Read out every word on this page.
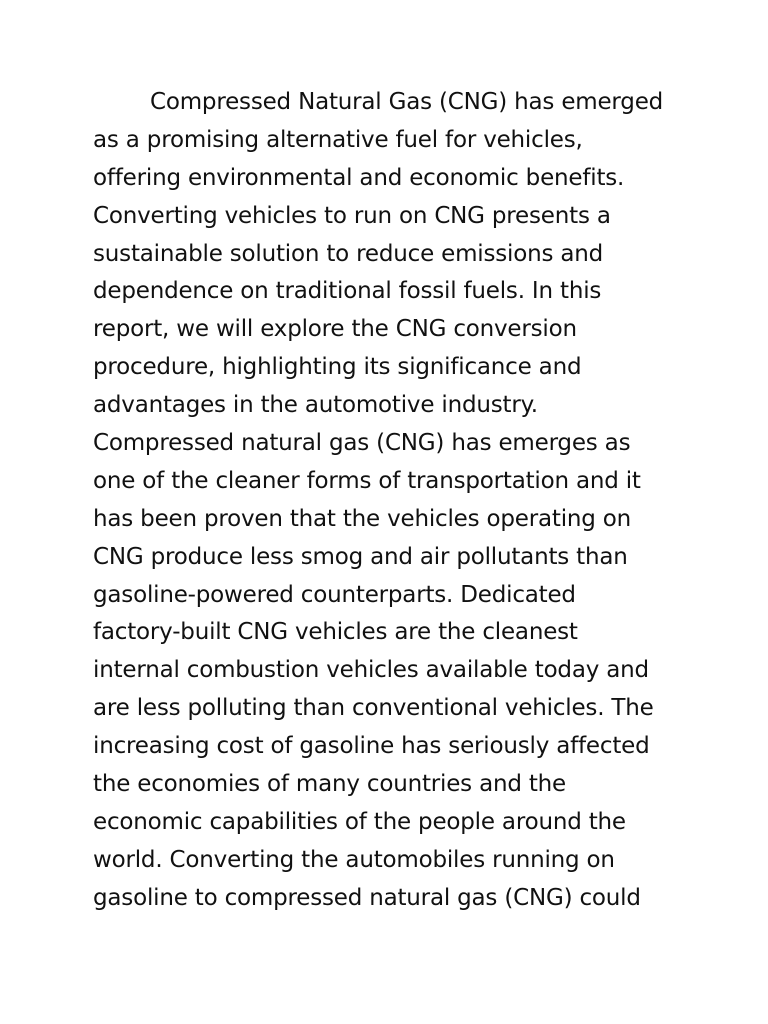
Compressed Natural Gas (CNG) has emerged
as a promising alternative fuel for vehicles,
offering environmental and economic benefits.
Converting vehicles to run on CNG presents a
sustainable solution to reduce emissions and
dependence on traditional fossil fuels. In this
report, we will explore the CNG conversion
procedure, highlighting its significance and
advantages in the automotive industry.
Compressed natural gas (CNG) has emerges as
one of the cleaner forms of transportation and it
has been proven that the vehicles operating on
CNG produce less smog and air pollutants than
gasoline-powered counterparts. Dedicated
factory-built CNG vehicles are the cleanest
internal combustion vehicles available today and
are less polluting than conventional vehicles. The
increasing cost of gasoline has seriously affected
the economies of many countries and the
economic capabilities of the people around the
world. Converting the automobiles running on
gasoline to compressed natural gas (CNG) could
